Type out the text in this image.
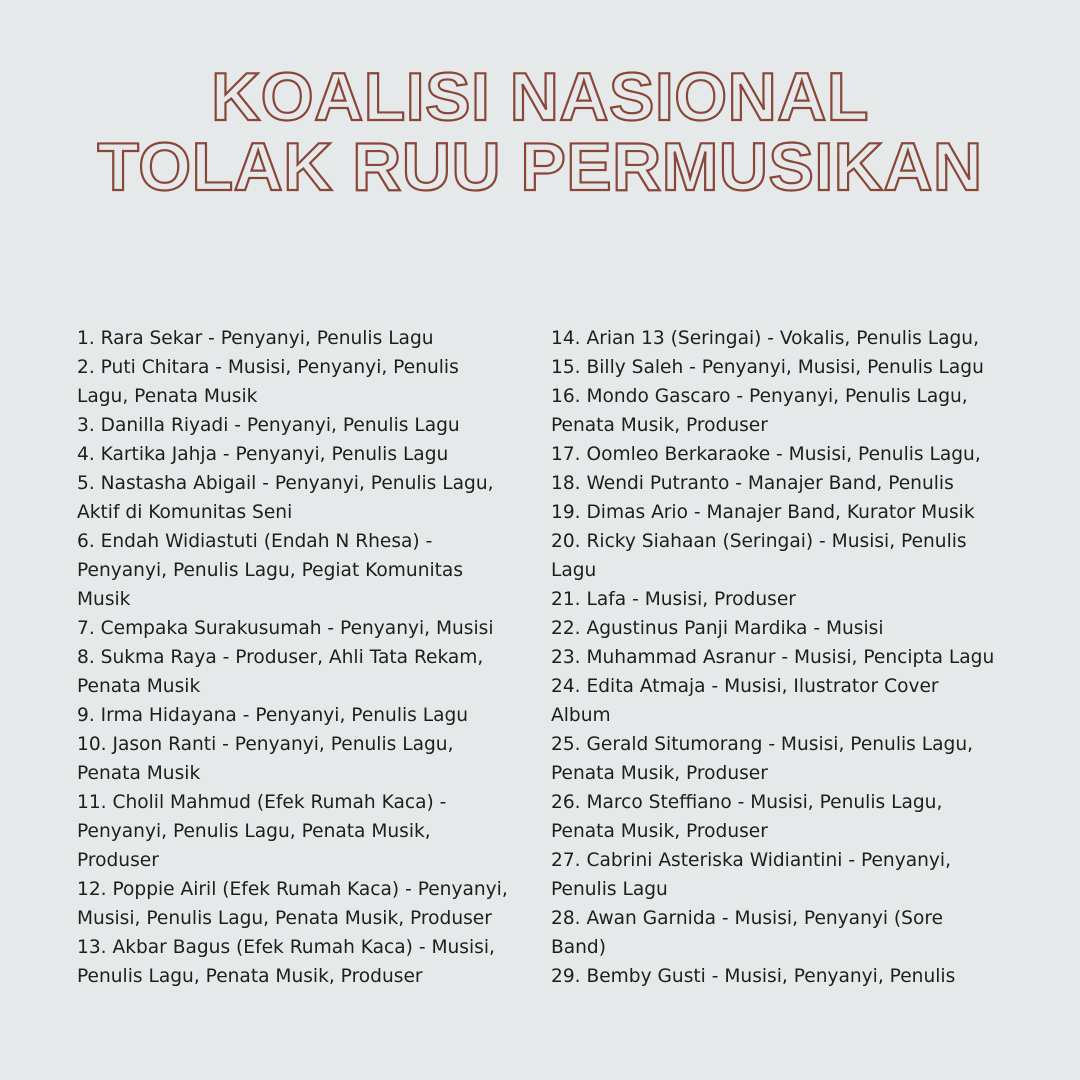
KOALISI NASIONAL
TOLAK RUU PERMUSIKAN

1. Rara Sekar - Penyanyi, Penulis Lagu

2. Puti Chitara - Musisi, Penyanyi, Penulis
Lagu, Penata Musik

3. Danilla Riyadi - Penyanyi, Penulis Lagu

4. Kartika Jahja - Penyanyi, Penulis Lagu

5. Nastasha Abigail - Penyanyi, Penulis Lagu,
Aktif di Komunitas Seni

6. Endah Widiastuti (Endah N Rhesa) -
Penyanyi, Penulis Lagu, Pegiat Komunitas
Musik

7. Cempaka Surakusumah - Penyanyi, Musisi

8. Sukma Raya - Produser, Ahli Tata Rekam,
Penata Musik

9. Irma Hidayana - Penyanyi, Penulis Lagu

10. Jason Ranti - Penyanyi, Penulis Lagu,
Penata Musik

11. Cholil Mahmud (Efek Rumah Kaca) -
Penyanyi, Penulis Lagu, Penata Musik,
Produser

12. Poppie Airil (Efek Rumah Kaca) - Penyanyi,
Musisi, Penulis Lagu, Penata Musik, Produser

13. Akbar Bagus (Efek Rumah Kaca) - Musisi,
Penulis Lagu, Penata Musik, Produser

14. Arian 13 (Seringai) - Vokalis, Penulis Lagu,

15. Billy Saleh - Penyanyi, Musisi, Penulis Lagu

16. Mondo Gascaro - Penyanyi, Penulis Lagu,
Penata Musik, Produser

17. Oomleo Berkaraoke - Musisi, Penulis Lagu,

18. Wendi Putranto - Manajer Band, Penulis

19. Dimas Ario - Manajer Band, Kurator Musik

20. Ricky Siahaan (Seringai) - Musisi, Penulis
Lagu

21. Lafa - Musisi, Produser

22. Agustinus Panji Mardika - Musisi

23. Muhammad Asranur - Musisi, Pencipta Lagu

24. Edita Atmaja - Musisi, Ilustrator Cover
Album

25. Gerald Situmorang - Musisi, Penulis Lagu,
Penata Musik, Produser

26. Marco Steffiano - Musisi, Penulis Lagu,
Penata Musik, Produser

27. Cabrini Asteriska Widiantini - Penyanyi,
Penulis Lagu

28. Awan Garnida - Musisi, Penyanyi (Sore
Band)

29. Bemby Gusti - Musisi, Penyanyi, Penulis
